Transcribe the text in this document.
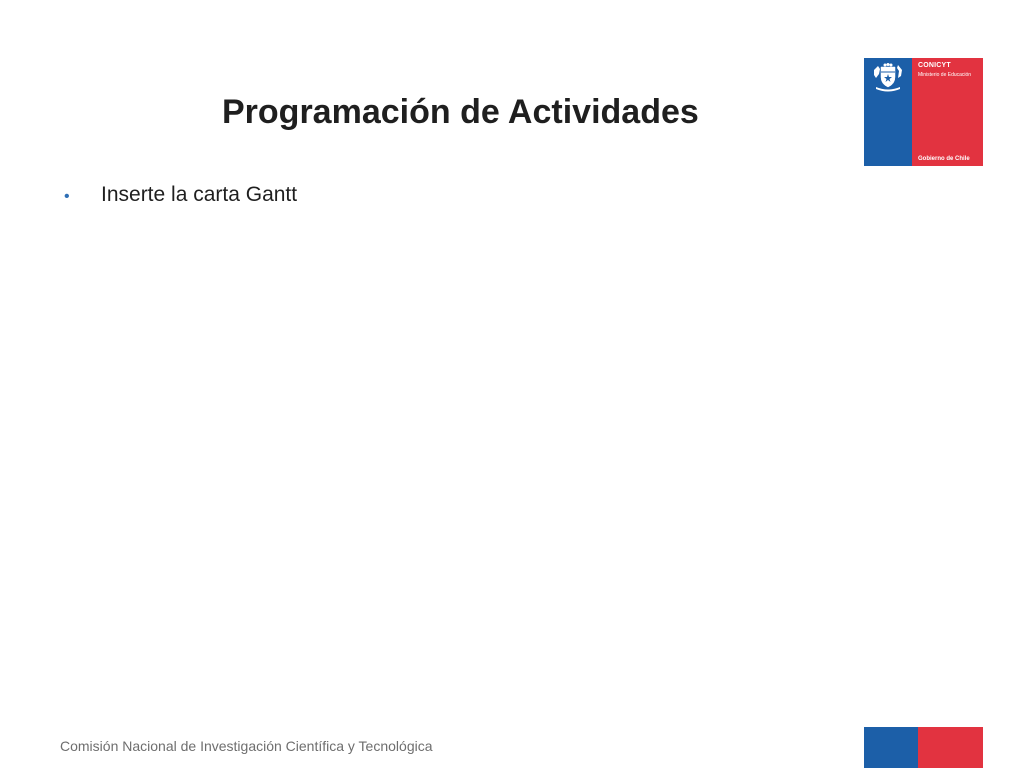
Programación de Actividades
•	Inserte la carta Gantt
CONICYT
Ministerio de Educación
Gobierno de Chile
Comisión Nacional de Investigación Científica y Tecnológica
